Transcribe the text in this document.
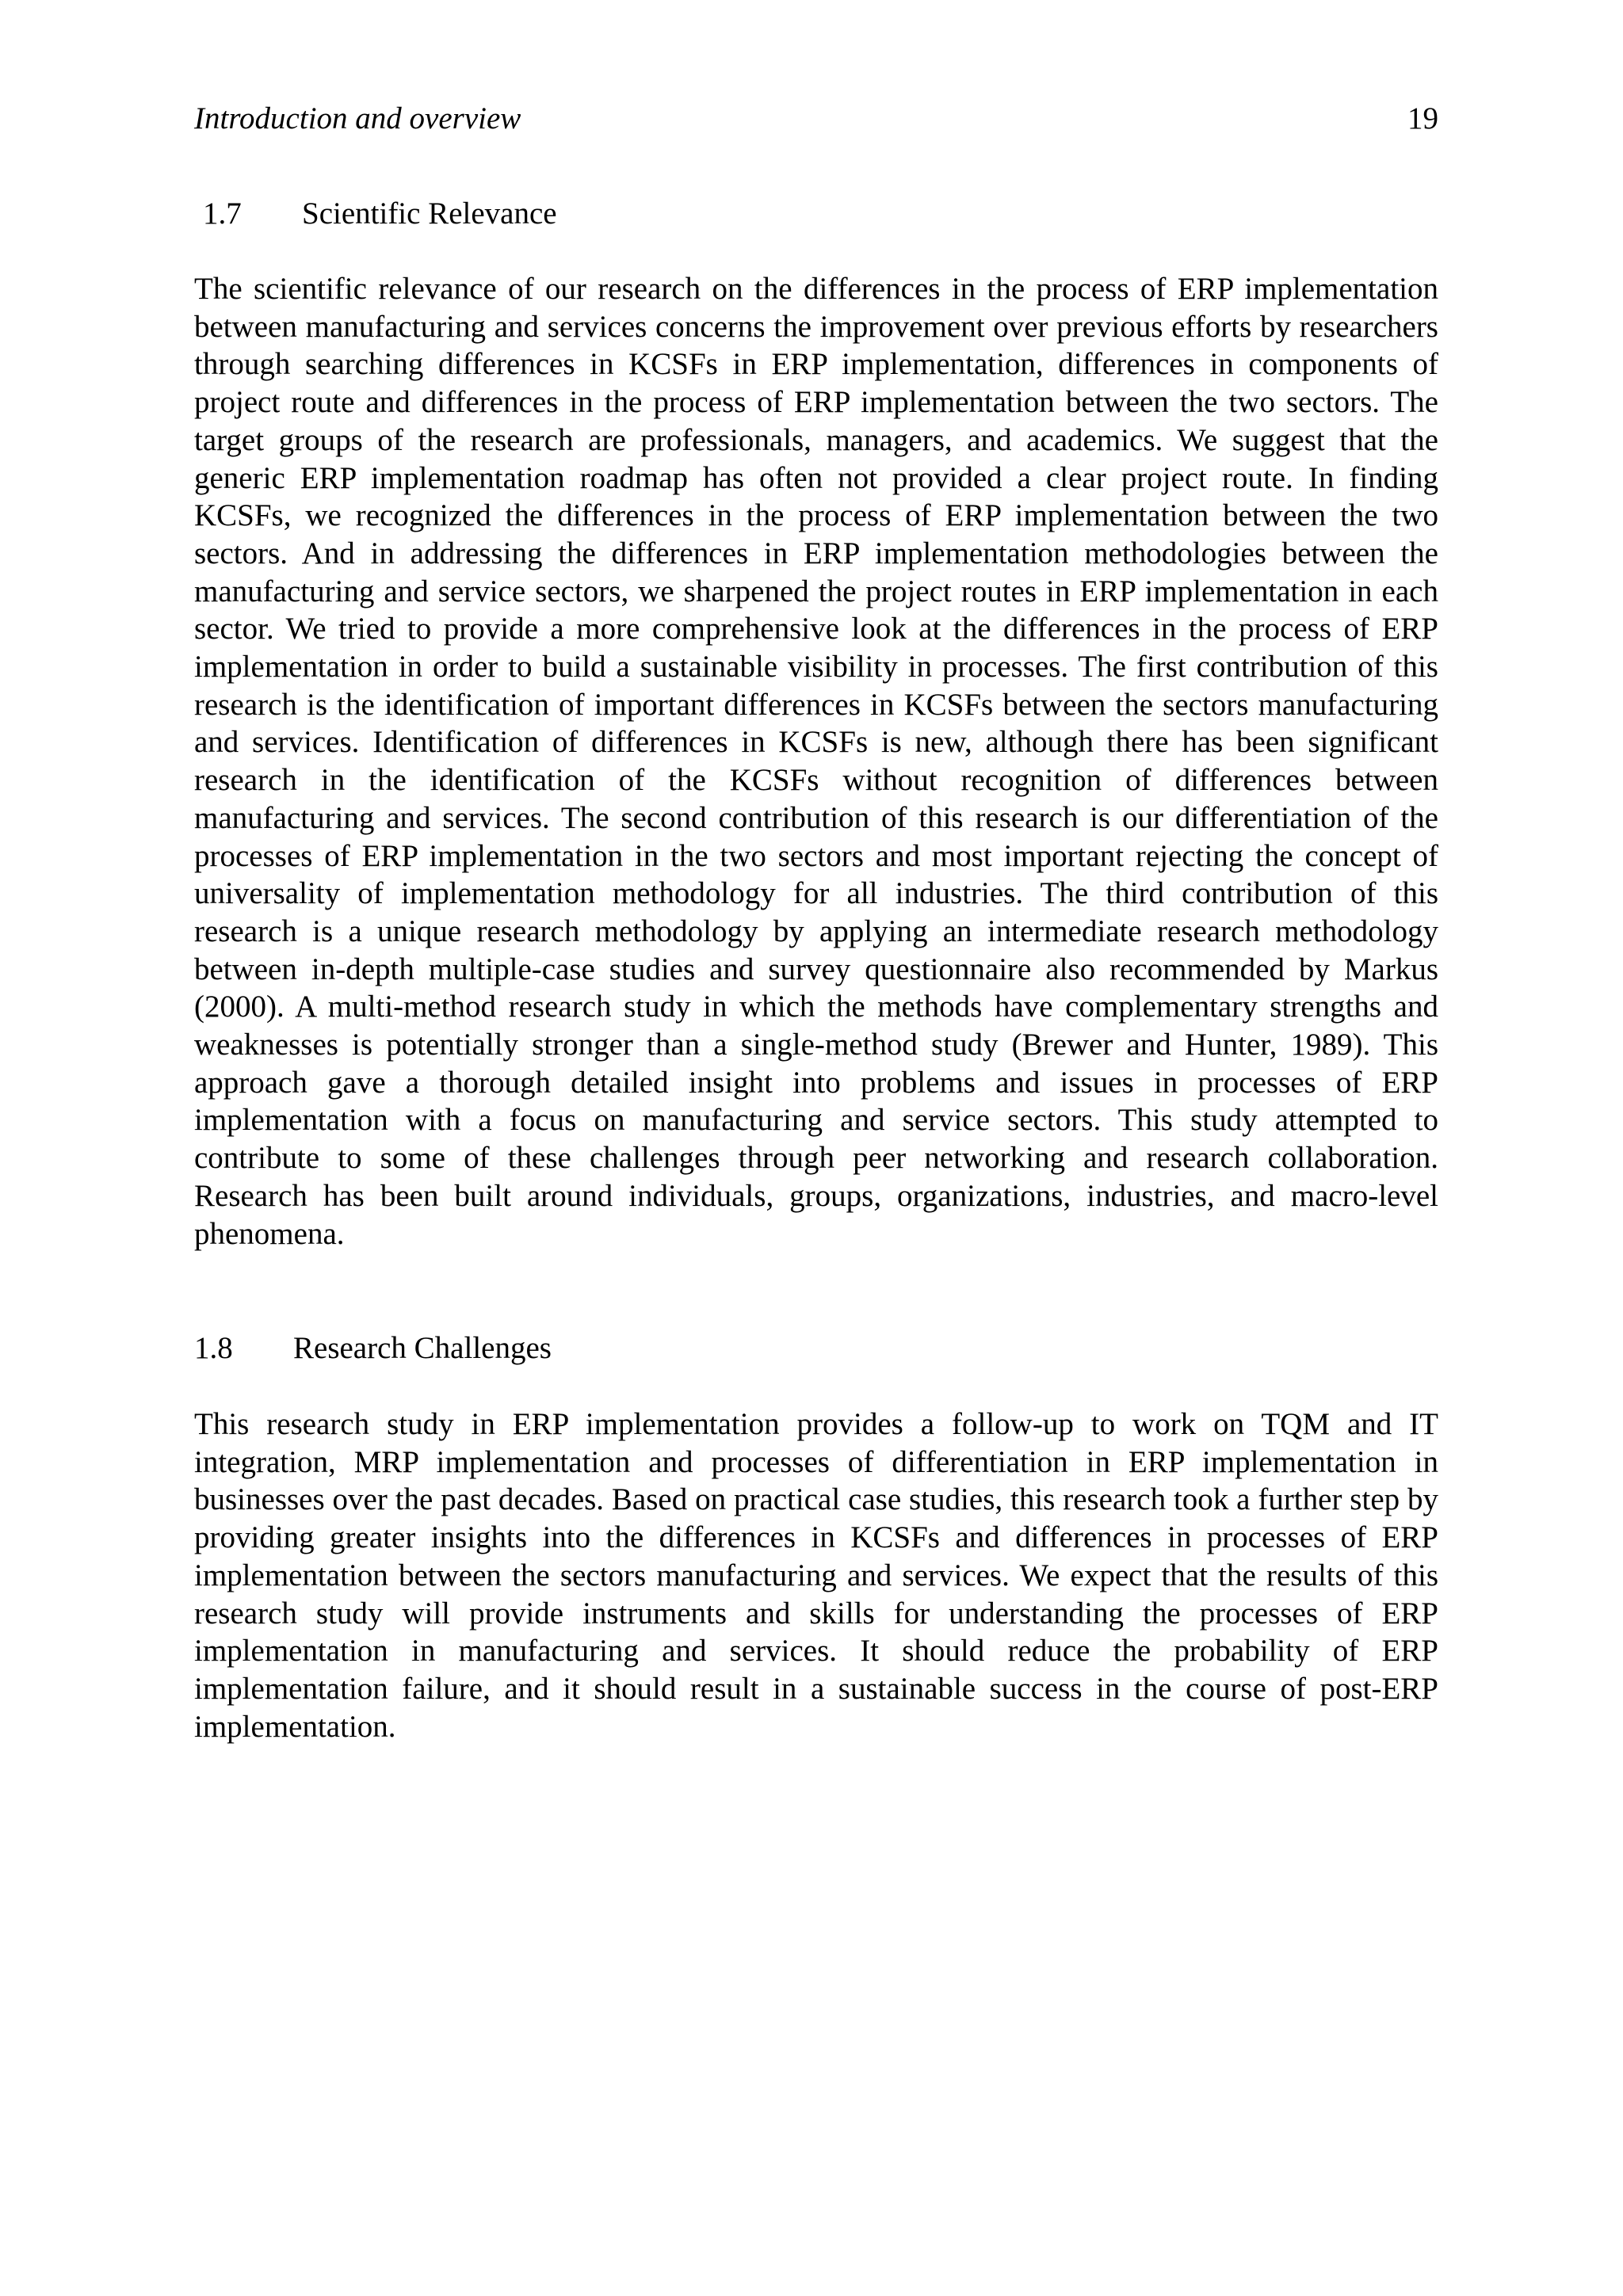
Introduction and overview	19
1.7 Scientific Relevance

The scientific relevance of our research on the differences in the process of ERP implementation between manufacturing and services concerns the improvement over previous efforts by researchers through searching differences in KCSFs in ERP implementation, differences in components of project route and differences in the process of ERP implementation between the two sectors. The target groups of the research are professionals, managers, and academics. We suggest that the generic ERP implementation roadmap has often not provided a clear project route. In finding KCSFs, we recognized the differences in the process of ERP implementation between the two sectors. And in addressing the differences in ERP implementation methodologies between the manufacturing and service sectors, we sharpened the project routes in ERP implementation in each sector. We tried to provide a more comprehensive look at the differences in the process of ERP implementation in order to build a sustainable visibility in processes. The first contribution of this research is the identification of important differences in KCSFs between the sectors manufacturing and services. Identification of differences in KCSFs is new, although there has been significant research in the identification of the KCSFs without recognition of differences between manufacturing and services. The second contribution of this research is our differentiation of the processes of ERP implementation in the two sectors and most important rejecting the concept of universality of implementation methodology for all industries. The third contribution of this research is a unique research methodology by applying an intermediate research methodology between in-depth multiple-case studies and survey questionnaire also recommended by Markus (2000). A multi-method research study in which the methods have complementary strengths and weaknesses is potentially stronger than a single-method study (Brewer and Hunter, 1989). This approach gave a thorough detailed insight into problems and issues in processes of ERP implementation with a focus on manufacturing and service sectors. This study attempted to contribute to some of these challenges through peer networking and research collaboration. Research has been built around individuals, groups, organizations, industries, and macro-level phenomena.

1.8 Research Challenges

This research study in ERP implementation provides a follow-up to work on TQM and IT integration, MRP implementation and processes of differentiation in ERP implementation in businesses over the past decades. Based on practical case studies, this research took a further step by providing greater insights into the differences in KCSFs and differences in processes of ERP implementation between the sectors manufacturing and services. We expect that the results of this research study will provide instruments and skills for understanding the processes of ERP implementation in manufacturing and services. It should reduce the probability of ERP implementation failure, and it should result in a sustainable success in the course of post-ERP implementation.
